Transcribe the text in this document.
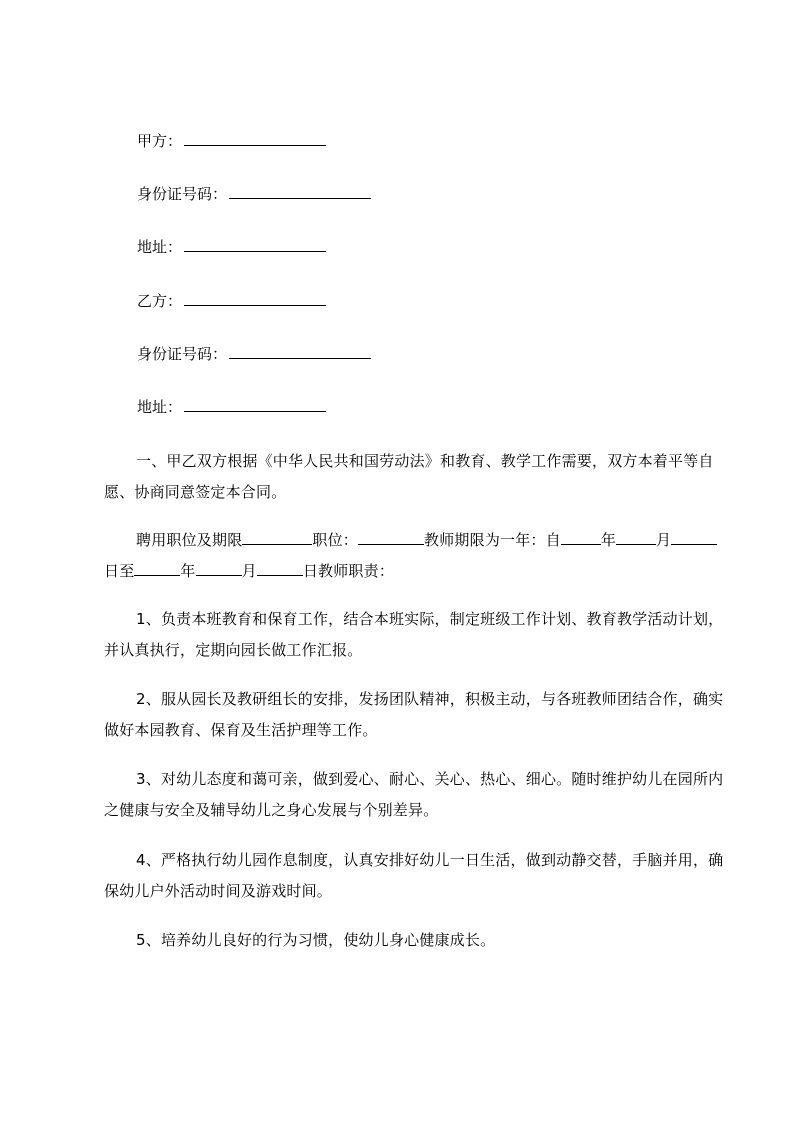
甲方：
身份证号码：
地址：
乙方：
身份证号码：
地址：
一、甲乙双方根据《中华人民共和国劳动法》和教育、教学工作需要，双方本着平等自愿、协商同意签定本合同。
聘用职位及期限	职位：	教师期限为一年：自	年	月日至	年	月	日教师职责：
1、负责本班教育和保育工作，结合本班实际，制定班级工作计划、教育教学活动计划，并认真执行，定期向园长做工作汇报。
2、服从园长及教研组长的安排，发扬团队精神，积极主动，与各班教师团结合作，确实做好本园教育、保育及生活护理等工作。
3、对幼儿态度和蔼可亲，做到爱心、耐心、关心、热心、细心。随时维护幼儿在园所内之健康与安全及辅导幼儿之身心发展与个别差异。
4、严格执行幼儿园作息制度，认真安排好幼儿一日生活，做到动静交替，手脑并用，确保幼儿户外活动时间及游戏时间。
5、培养幼儿良好的行为习惯，使幼儿身心健康成长。
